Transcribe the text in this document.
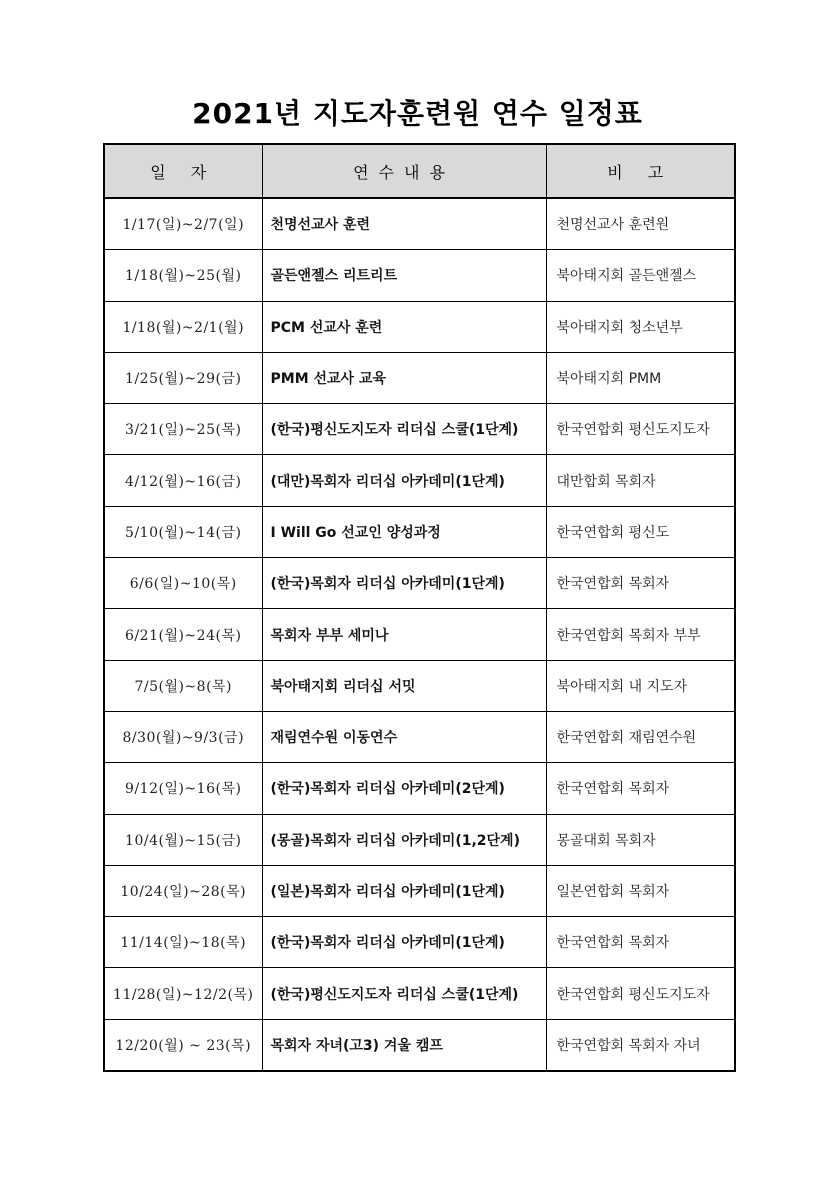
2021년 지도자훈련원 연수 일정표
일 자	연수내용	비 고
1/17(일)~2/7(일)	천명선교사 훈련	천명선교사 훈련원
1/18(월)~25(월)	골든앤젤스 리트리트	북아태지회 골든앤젤스
1/18(월)~2/1(월)	PCM 선교사 훈련	북아태지회 청소년부
1/25(월)~29(금)	PMM 선교사 교육	북아태지회 PMM
3/21(일)~25(목)	(한국)평신도지도자 리더십 스쿨(1단계)	한국연합회 평신도지도자
4/12(월)~16(금)	(대만)목회자 리더십 아카데미(1단계)	대만합회 목회자
5/10(월)~14(금)	I Will Go 선교인 양성과정	한국연합회 평신도
6/6(일)~10(목)	(한국)목회자 리더십 아카데미(1단계)	한국연합회 목회자
6/21(월)~24(목)	목회자 부부 세미나	한국연합회 목회자 부부
7/5(월)~8(목)	북아태지회 리더십 서밋	북아태지회 내 지도자
8/30(월)~9/3(금)	재림연수원 이동연수	한국연합회 재림연수원
9/12(일)~16(목)	(한국)목회자 리더십 아카데미(2단계)	한국연합회 목회자
10/4(월)~15(금)	(몽골)목회자 리더십 아카데미(1,2단계)	몽골대회 목회자
10/24(일)~28(목)	(일본)목회자 리더십 아카데미(1단계)	일본연합회 목회자
11/14(일)~18(목)	(한국)목회자 리더십 아카데미(1단계)	한국연합회 목회자
11/28(일)~12/2(목)	(한국)평신도지도자 리더십 스쿨(1단계)	한국연합회 평신도지도자
12/20(월) ~ 23(목)	목회자 자녀(고3) 겨울 캠프	한국연합회 목회자 자녀
